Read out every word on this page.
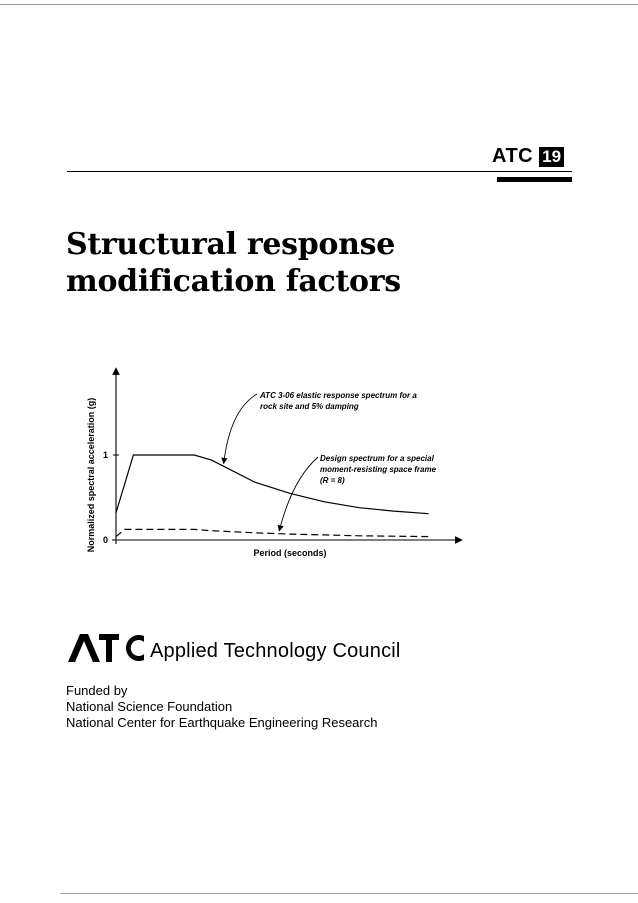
ATC 19
Structural response modification factors
0
1
Period (seconds)
Normalized spectral acceleration (g)
ATC 3-06 elastic response spectrum for a
rock site and 5% damping
Design spectrum for a special
moment-resisting space frame
(R = 8)
Applied Technology Council
Funded by
National Science Foundation
National Center for Earthquake Engineering Research
